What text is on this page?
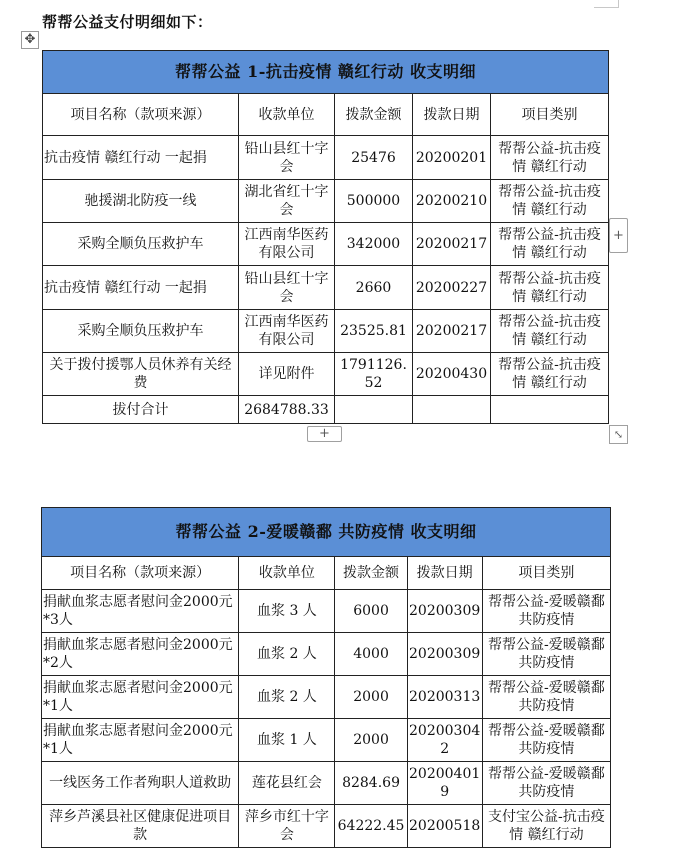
帮帮公益支付明细如下：
✥
帮帮公益 1-抗击疫情 赣红行动 收支明细				
项目名称（款项来源）	收款单位	拨款金额	拨款日期	项目类别
抗击疫情 赣红行动 一起捐	铅山县红十字会	25476	20200201	帮帮公益-抗击疫情 赣红行动
驰援湖北防疫一线	湖北省红十字会	500000	20200210	帮帮公益-抗击疫情 赣红行动
采购全顺负压救护车	江西南华医药有限公司	342000	20200217	帮帮公益-抗击疫情 赣红行动
抗击疫情 赣红行动 一起捐	铅山县红十字会	2660	20200227	帮帮公益-抗击疫情 赣红行动
采购全顺负压救护车	江西南华医药有限公司	23525.81	20200217	帮帮公益-抗击疫情 赣红行动
关于拨付援鄂人员休养有关经费	详见附件	1791126.52	20200430	帮帮公益-抗击疫情 赣红行动
拔付合计	2684788.33			
+
+	⤡
帮帮公益 2-爱暖赣鄱 共防疫情 收支明细				
项目名称（款项来源）	收款单位	拨款金额	拨款日期	项目类别
捐献血浆志愿者慰问金2000元*3人	血浆 3 人	6000	20200309	帮帮公益-爱暖赣鄱 共防疫情
捐献血浆志愿者慰问金2000元*2人	血浆 2 人	4000	20200309	帮帮公益-爱暖赣鄱 共防疫情
捐献血浆志愿者慰问金2000元*1人	血浆 2 人	2000	20200313	帮帮公益-爱暖赣鄱 共防疫情
捐献血浆志愿者慰问金2000元*1人	血浆 1 人	2000	202003042	帮帮公益-爱暖赣鄱 共防疫情
一线医务工作者殉职人道救助	莲花县红会	8284.69	202004019	帮帮公益-爱暖赣鄱 共防疫情
萍乡芦溪县社区健康促进项目款	萍乡市红十字会	64222.45	20200518	支付宝公益-抗击疫情 赣红行动
